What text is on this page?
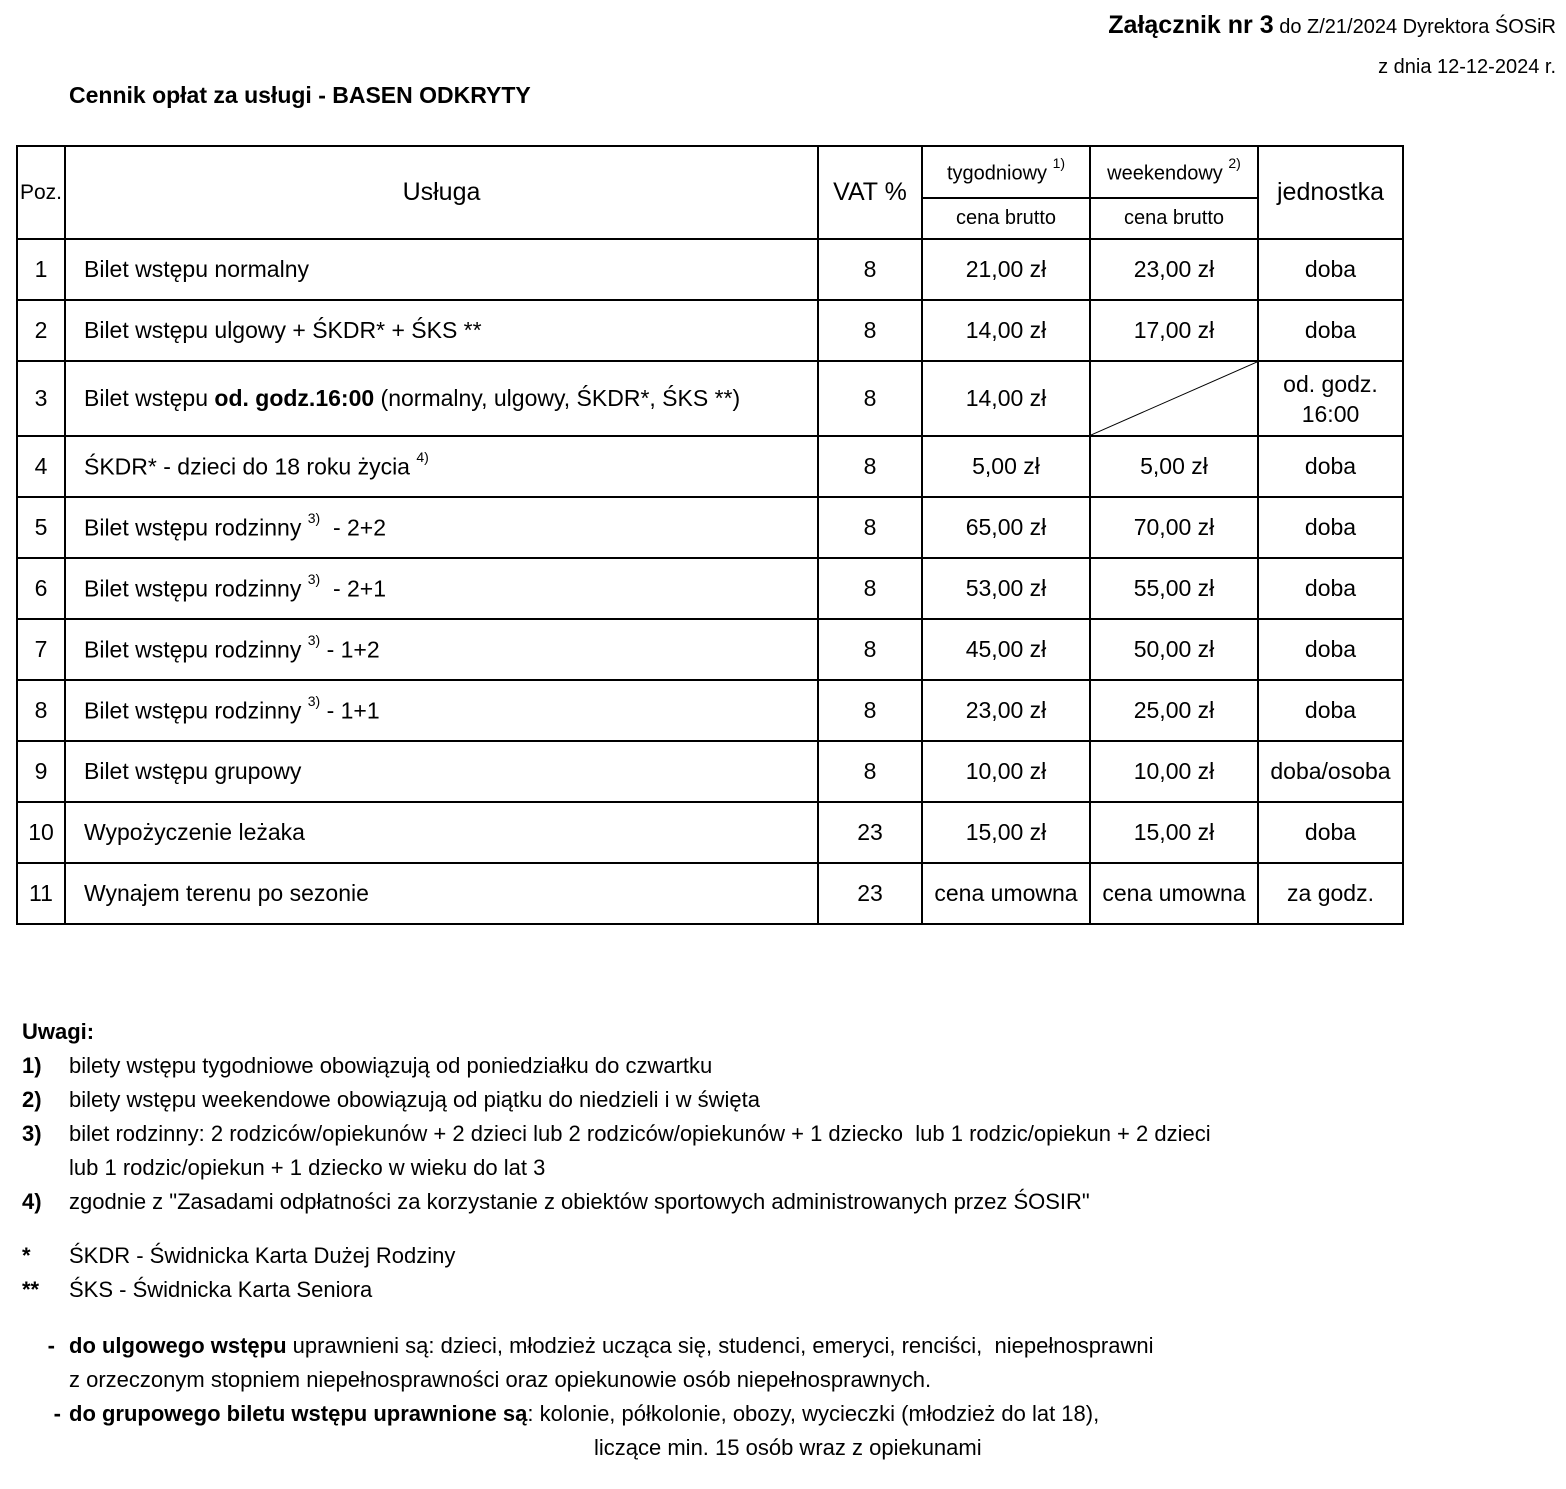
Załącznik nr 3 do Z/21/2024 Dyrektora ŚOSiR
z dnia 12-12-2024 r.
Cennik opłat za usługi - BASEN ODKRYTY
Poz.	Usługa	VAT %	tygodniowy $^{1)}$	weekendowy $^{2)}$	jednostka
			cena brutto	cena brutto	
1	Bilet wstępu normalny	8	21,00 zł	23,00 zł	doba
2	Bilet wstępu ulgowy + ŚKDR* + ŚKS **	8	14,00 zł	17,00 zł	doba
3	Bilet wstępu od. godz.16:00 (normalny, ulgowy, ŚKDR*, ŚKS **)	8	14,00 zł		od. godz.
16:00

4	ŚKDR* - dzieci do 18 roku życia $^{4)}$	8	5,00 zł	5,00 zł	doba
5	Bilet wstępu rodzinny $^{3)}$  - 2+2	8	65,00 zł	70,00 zł	doba
6	Bilet wstępu rodzinny $^{3)}$  - 2+1	8	53,00 zł	55,00 zł	doba
7	Bilet wstępu rodzinny $^{3)}$ - 1+2	8	45,00 zł	50,00 zł	doba
8	Bilet wstępu rodzinny $^{3)}$ - 1+1	8	23,00 zł	25,00 zł	doba
9	Bilet wstępu grupowy	8	10,00 zł	10,00 zł	doba/osoba
10	Wypożyczenie leżaka	23	15,00 zł	15,00 zł	doba
11	Wynajem terenu po sezonie	23	cena umowna	cena umowna	za godz.
Uwagi:
1)	bilety wstępu tygodniowe obowiązują od poniedziałku do czwartku
2)	bilety wstępu weekendowe obowiązują od piątku do niedzieli i w święta
3)	bilet rodzinny: 2 rodziców/opiekunów + 2 dzieci lub 2 rodziców/opiekunów + 1 dziecko  lub 1 rodzic/opiekun + 2 dzieci
lub 1 rodzic/opiekun + 1 dziecko w wieku do lat 3
4)	zgodnie z "Zasadami odpłatności za korzystanie z obiektów sportowych administrowanych przez ŚOSIR"
*	ŚKDR - Świdnicka Karta Dużej Rodziny
**	ŚKS - Świdnicka Karta Seniora
- do ulgowego wstępu uprawnieni są: dzieci, młodzież ucząca się, studenci, emeryci, renciści,  niepełnosprawni
z orzeczonym stopniem niepełnosprawności oraz opiekunowie osób niepełnosprawnych.
- do grupowego biletu wstępu uprawnione są: kolonie, półkolonie, obozy, wycieczki (młodzież do lat 18),
liczące min. 15 osób wraz z opiekunami
